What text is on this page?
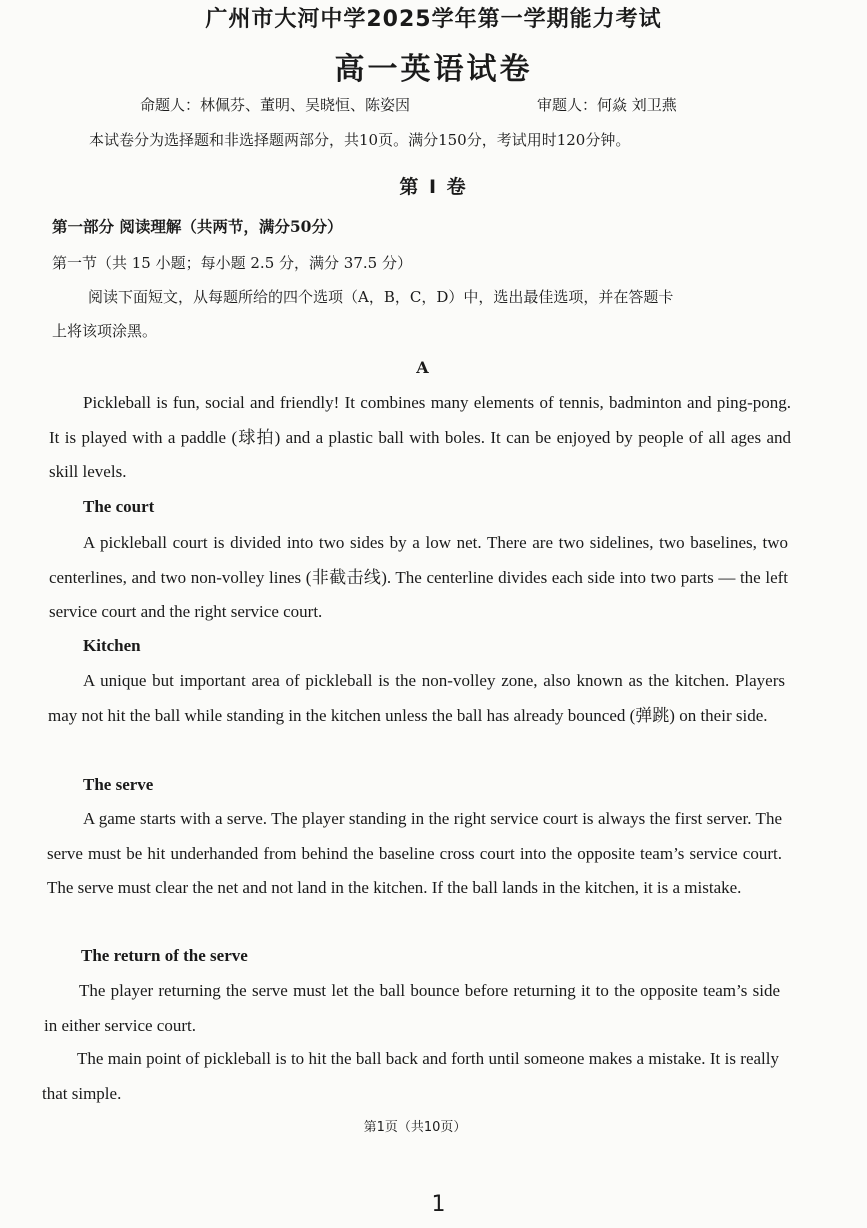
广州市大河中学2025学年第一学期能力考试
高一英语试卷
命题人：林佩芬、董明、吴晓恒、陈姿因	审题人：何焱 刘卫燕
本试卷分为选择题和非选择题两部分，共10页。满分150分，考试用时120分钟。
第 Ⅰ 卷
第一部分 阅读理解（共两节，满分50分）
第一节（共 15 小题；每小题 2.5 分，满分 37.5 分）
阅读下面短文，从每题所给的四个选项（A，B，C，D）中，选出最佳选项，并在答题卡
上将该项涂黑。
A
Pickleball is fun, social and friendly! It combines many elements of tennis, badminton and ping-pong. It is played with a paddle (球拍) and a plastic ball with boles. It can be enjoyed by people of all ages and skill levels.
The court
A pickleball court is divided into two sides by a low net. There are two sidelines, two baselines, two centerlines, and two non-volley lines (非截击线). The centerline divides each side into two parts — the left service court and the right service court.
Kitchen
A unique but important area of pickleball is the non-volley zone, also known as the kitchen. Players may not hit the ball while standing in the kitchen unless the ball has already bounced (弹跳) on their side.
The serve
A game starts with a serve. The player standing in the right service court is always the first server. The serve must be hit underhanded from behind the baseline cross court into the opposite team’s service court. The serve must clear the net and not land in the kitchen. If the ball lands in the kitchen, it is a mistake.
The return of the serve
The player returning the serve must let the ball bounce before returning it to the opposite team’s side in either service court.
The main point of pickleball is to hit the ball back and forth until someone makes a mistake. It is really that simple.
第1页（共10页）
1
